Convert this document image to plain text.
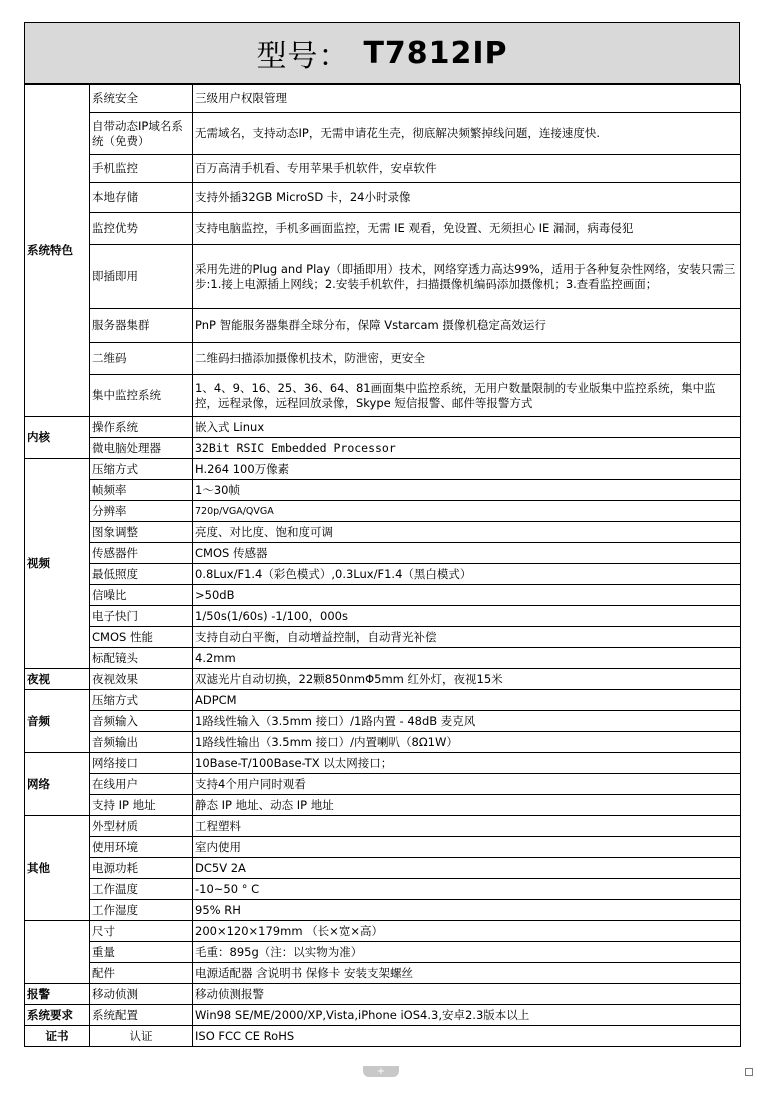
型号 ： T7812IP
系统特色	系统安全	三级用户权限管理
	自带动态IP域名系统（免费）	无需域名，支持动态IP，无需申请花生壳，彻底解决频繁掉线问题，连接速度快.
	手机监控	百万高清手机看、专用苹果手机软件，安卓软件
	本地存储	支持外插32GB MicroSD 卡，24小时录像
	监控优势	支持电脑监控，手机多画面监控，无需 IE 观看，免设置、无须担心 IE 漏洞，病毒侵犯
	即插即用	采用先进的Plug and Play（即插即用）技术，网络穿透力高达99%，适用于各种复杂性网络，安装只需三步:1.接上电源插上网线；2.安装手机软件，扫描摄像机编码添加摄像机；3.查看监控画面；
	服务器集群	PnP 智能服务器集群全球分布，保障 Vstarcam 摄像机稳定高效运行
	二维码	二维码扫描添加摄像机技术，防泄密，更安全
	集中监控系统	1、4、9、16、25、36、64、81画面集中监控系统，无用户数量限制的专业版集中监控系统，集中监控，远程录像，远程回放录像，Skype 短信报警、邮件等报警方式
内核	操作系统	嵌入式 Linux
	微电脑处理器	32Bit RSIC Embedded Processor
视频	压缩方式	H.264 100万像素
	帧频率	1～30帧
	分辨率	720p/VGA/QVGA
	图象调整	亮度、对比度、饱和度可调
	传感器件	CMOS 传感器
	最低照度	0.8Lux/F1.4（彩色模式）,0.3Lux/F1.4（黑白模式）
	信噪比	>50dB
	电子快门	1/50s(1/60s) -1/100，000s
	CMOS 性能	支持自动白平衡，自动增益控制，自动背光补偿
	标配镜头	4.2mm
夜视	夜视效果	双滤光片自动切换，22颗850nmΦ5mm 红外灯，夜视15米
音频	压缩方式	ADPCM
	音频输入	1路线性输入（3.5mm 接口）/1路内置 - 48dB 麦克风
	音频输出	1路线性输出（3.5mm 接口）/内置喇叭（8Ω1W）
网络	网络接口	10Base-T/100Base-TX 以太网接口；
	在线用户	支持4个用户同时观看
	支持 IP 地址	静态 IP 地址、动态 IP 地址
其他	外型材质	工程塑料
	使用环境	室内使用
	电源功耗	DC5V 2A
	工作温度	-10~50 ° C
	工作湿度	95% RH
	尺寸	200×120×179mm （长×宽×高）
	重量	毛重：895g（注：以实物为准）
	配件	电源适配器 含说明书 保修卡 安装支架螺丝
报警	移动侦测	移动侦测报警
系统要求	系统配置	Win98 SE/ME/2000/XP,Vista,iPhone iOS4.3,安卓2.3版本以上
证书	认证	ISO FCC CE RoHS
+
